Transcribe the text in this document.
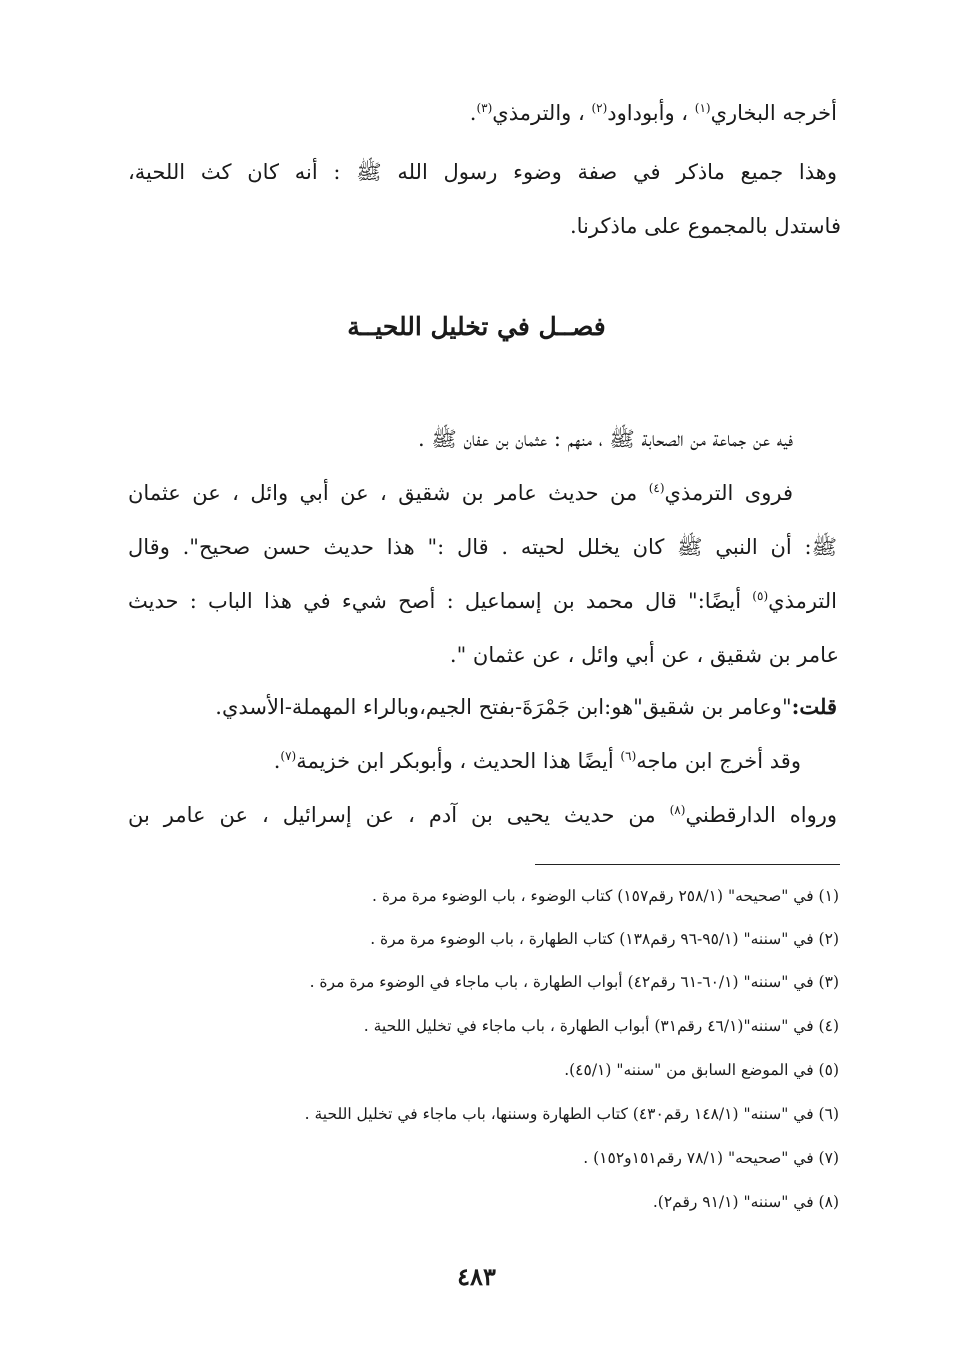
أخرجه البخاري$^{(١)}$ ، وأبوداود$^{(٢)}$ ، والترمذي$^{(٣)}$.
وهذا جميع ماذكر في صفة وضوء رسول الله ﷺ : أنه كان كث اللحية،
فاستدل بالمجموع على ماذكرنا.
فصــل في تخليل اللحيــة
فيه عن جماعة من الصحابة ﷺ ، منهم : عثمان بن عفان ﷺ .
فروى الترمذي$^{(٤)}$ من حديث عامر بن شقيق ، عن أبي وائل ، عن عثمان
ﷺ: أن النبي ﷺ كان يخلل لحيته . قال :" هذا حديث حسن صحيح". وقال
الترمذي$^{(٥)}$ أيضًا:" قال محمد بن إسماعيل : أصح شيء في هذا الباب : حديث
عامر بن شقيق ، عن أبي وائل ، عن عثمان ".
قلت:"وعامر بن شقيق"هو:ابن جَمْرَةَ-بفتح الجيم،وبالراء المهملة-الأسدي.
وقد أخرج ابن ماجه$^{(٦)}$ أيضًا هذا الحديث ، وأبوبكر ابن خزيمة$^{(٧)}$.
ورواه الدارقطني$^{(٨)}$ من حديث يحيى بن آدم ، عن إسرائيل ، عن عامر بن
(١) في "صحيحه" (٢٥٨/١ رقم١٥٧) كتاب الوضوء ، باب الوضوء مرة مرة .
(٢) في "سننه" (٩٥/١-٩٦ رقم١٣٨) كتاب الطهارة ، باب الوضوء مرة مرة .
(٣) في "سننه" (٦٠/١-٦١ رقم٤٢) أبواب الطهارة ، باب ماجاء في الوضوء مرة مرة .
(٤) في "سننه"(٤٦/١ رقم٣١) أبواب الطهارة ، باب ماجاء في تخليل اللحية .
(٥) في الموضع السابق من "سننه" (٤٥/١).
(٦) في "سننه" (١٤٨/١ رقم٤٣٠) كتاب الطهارة وسننها، باب ماجاء في تخليل اللحية .
(٧) في "صحيحه" (٧٨/١ رقم١٥١و١٥٢) .
(٨) في "سننه" (٩١/١ رقم٢).
٤٨٣
